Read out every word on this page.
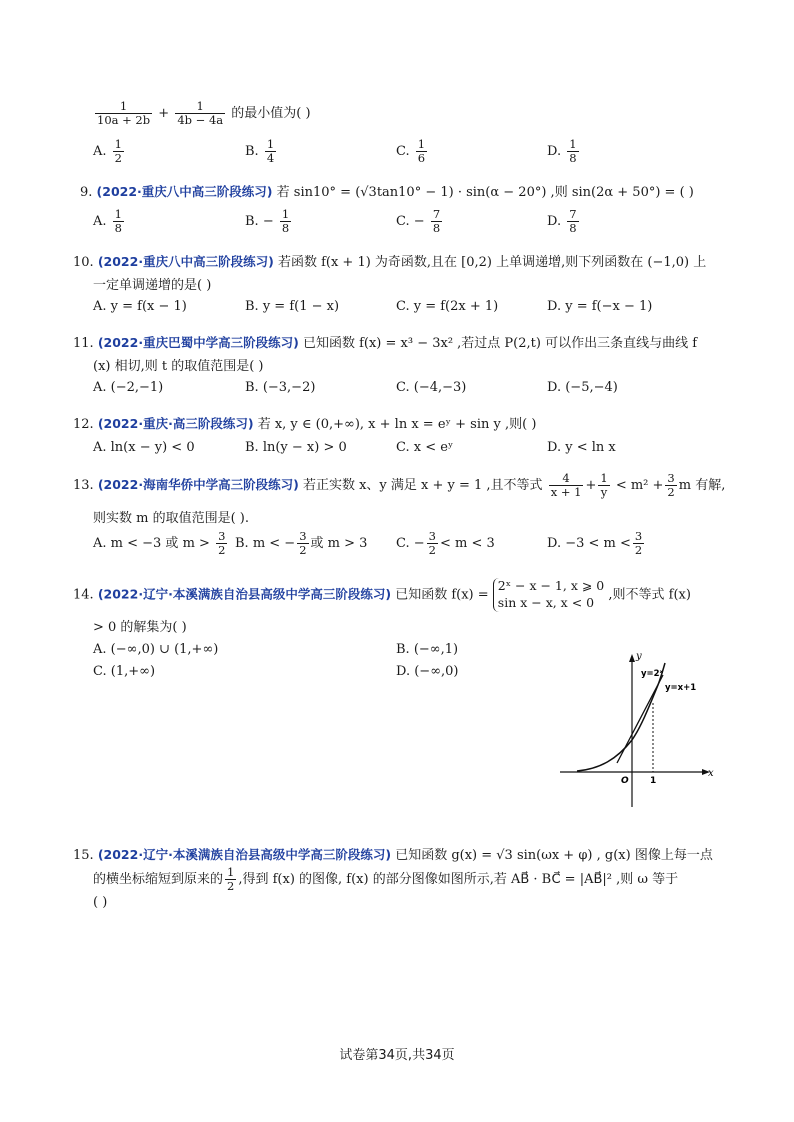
$\frac{1}{10a + 2b} + \frac{1}{4b - 4a}$ 的最小值为( )
A. $\frac{1}{2}$	B. $\frac{1}{4}$	C. $\frac{1}{6}$	D. $\frac{1}{8}$
9. (2022·重庆八中高三阶段练习) 若 sin10° = (√3tan10° − 1) · sin(α − 20°) ,则 sin(2α + 50°) = ( )
A. $\frac{1}{8}$	B. − $\frac{1}{8}$	C. − $\frac{7}{8}$	D. $\frac{7}{8}$
10. (2022·重庆八中高三阶段练习) 若函数 f(x + 1) 为奇函数,且在 [0,2) 上单调递增,则下列函数在 (−1,0) 上
一定单调递增的是( )
A. y = f(x − 1)	B. y = f(1 − x)	C. y = f(2x + 1)	D. y = f(−x − 1)
11. (2022·重庆巴蜀中学高三阶段练习) 已知函数 f(x) = x³ − 3x² ,若过点 P(2,t) 可以作出三条直线与曲线 f
(x) 相切,则 t 的取值范围是( )
A. (−2,−1)	B. (−3,−2)	C. (−4,−3)	D. (−5,−4)
12. (2022·重庆·高三阶段练习) 若 x, y ∈ (0,+∞), x + ln x = eʸ + sin y ,则( )
A. ln(x − y) < 0	B. ln(y − x) > 0	C. x < eʸ	D. y < ln x
13. (2022·海南华侨中学高三阶段练习) 若正实数 x、y 满足 x + y = 1 ,且不等式 $\frac{4}{x + 1} + \frac{1}{y} < m^2 + \frac{3}{2}$ m 有解,
则实数 m 的取值范围是( ).
A. m < −3 或 $m > \frac{3}{2} B$. m < − $\frac{3}{2}$ 或 m > 3 C. − $\frac{3}{2} < m < 3$	D. $-3 < m < \frac{3}{2}$
14. (2022·辽宁·本溪满族自治县高级中学高三阶段练习) 已知函数 f(x) =
2ˣ − x − 1, x ⩾ 0
sin x − x, x < 0	,则不等式 f(x)
> 0 的解集为( )
A. (−∞,0) ∪ (1,+∞)	B. (−∞,1)
C. (1,+∞)	D. (−∞,0)
y
x
O 1
y=2ˣ
y=x+1
15. (2022·辽宁·本溪满族自治县高级中学高三阶段练习) 已知函数 g(x) = √3 sin(ωx + φ) , g(x) 图像上每一点
的横坐标缩短到原来的 $\frac{1}{2}$ ,得到 f(x) 的图像, f(x) 的部分图像如图所示,若 AB⃗ · BC⃗ = |AB⃗|² ,则 ω 等于
( )
试卷第34页,共34页
